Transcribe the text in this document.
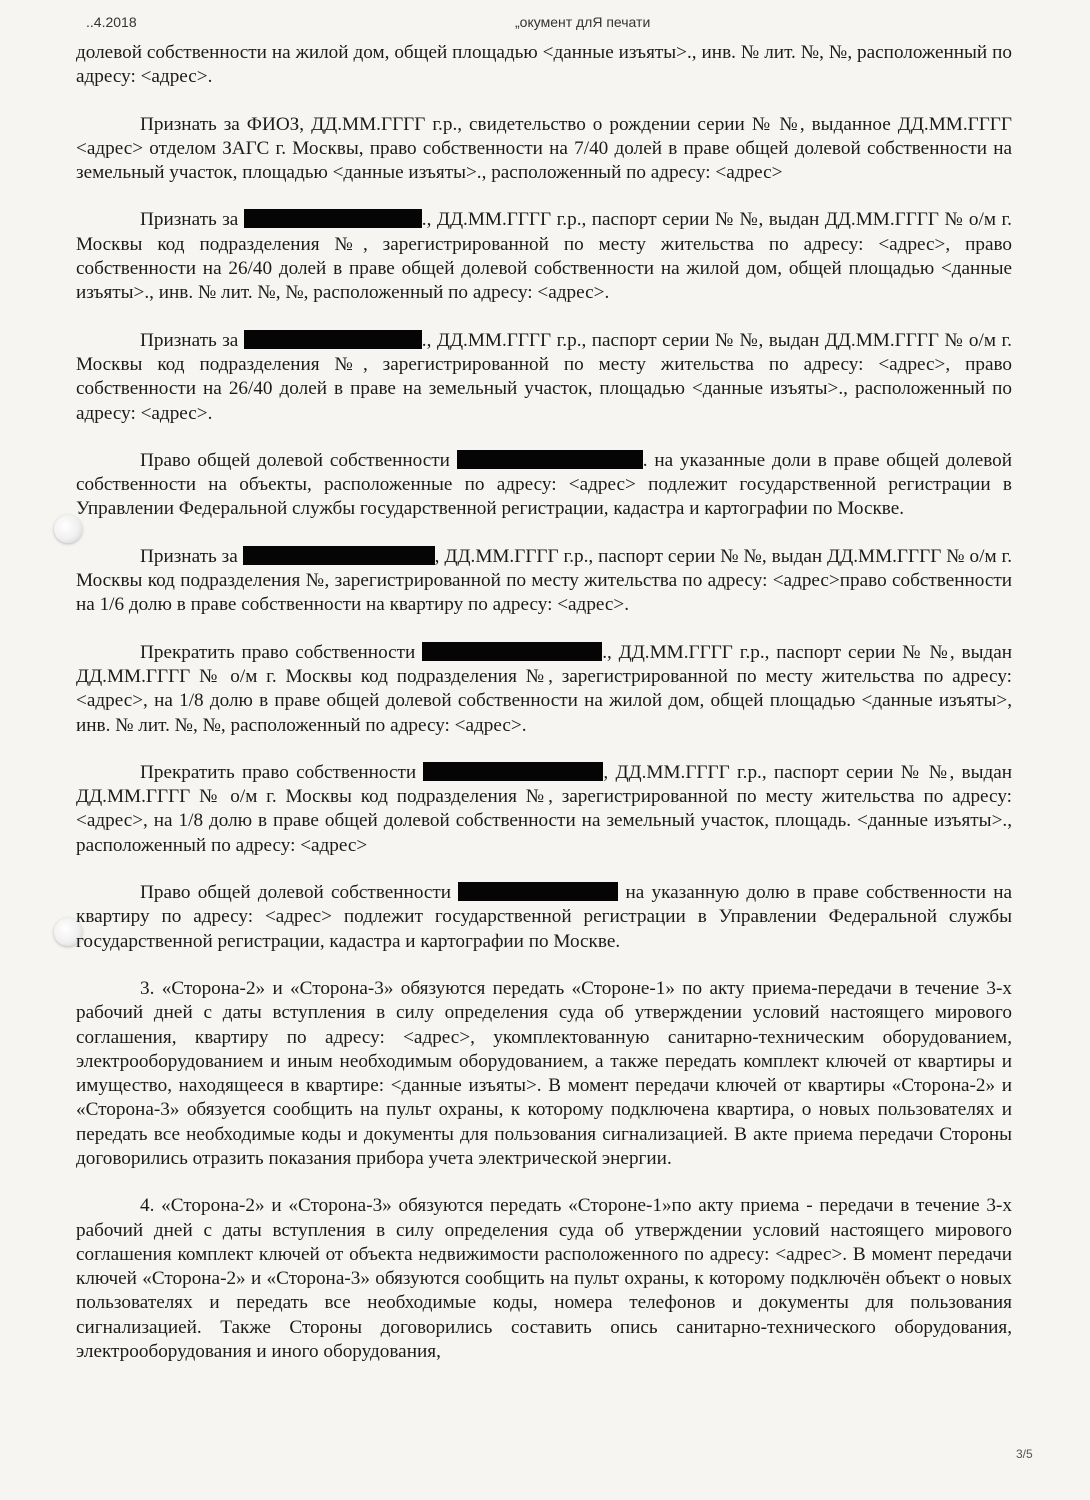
..4.2018	„окумент длЯ печати

долевой собственности на жилой дом, общей площадью <данные изъяты>., инв. № лит. №, №, расположенный по адресу: <адрес>.

Признать за ФИОЗ, ДД.ММ.ГГГГ г.р., свидетельство о рождении серии № №, выданное ДД.ММ.ГГГГ <адрес> отделом ЗАГС г. Москвы, право собственности на 7/40 долей в праве общей долевой собственности на земельный участок, площадью <данные изъяты>., расположенный по адресу: <адрес>

Признать за	., ДД.ММ.ГГГГ г.р., паспорт серии № №, выдан ДД.ММ.ГГГГ № о/м г. Москвы код подразделения №, зарегистрированной по месту жительства по адресу: <адрес>, право собственности на 26/40 долей в праве общей долевой собственности на жилой дом, общей площадью <данные изъяты>., инв. № лит. №, №, расположенный по адресу: <адрес>.

Признать за	., ДД.ММ.ГГГГ г.р., паспорт серии № №, выдан ДД.ММ.ГГГГ № о/м г. Москвы код подразделения №, зарегистрированной по месту жительства по адресу: <адрес>, право собственности на 26/40 долей в праве на земельный участок, площадью <данные изъяты>., расположенный по адресу: <адрес>.

Право общей долевой собственности	. на указанные доли в праве общей долевой собственности на объекты, расположенные по адресу: <адрес> подлежит государственной регистрации в Управлении Федеральной службы государственной регистрации, кадастра и картографии по Москве.

Признать за	, ДД.ММ.ГГГГ г.р., паспорт серии № №, выдан ДД.ММ.ГГГГ № о/м г. Москвы код подразделения №, зарегистрированной по месту жительства по адресу: <адрес>право собственности на 1/6 долю в праве собственности на квартиру по адресу: <адрес>.

Прекратить право собственности	., ДД.ММ.ГГГГ г.р., паспорт серии № №, выдан ДД.ММ.ГГГГ № о/м г. Москвы код подразделения №, зарегистрированной по месту жительства по адресу: <адрес>, на 1/8 долю в праве общей долевой собственности на жилой дом, общей площадью <данные изъяты>, инв. № лит. №, №, расположенный по адресу: <адрес>.

Прекратить право собственности	, ДД.ММ.ГГГГ г.р., паспорт серии № №, выдан ДД.ММ.ГГГГ № о/м г. Москвы код подразделения №, зарегистрированной по месту жительства по адресу: <адрес>, на 1/8 долю в праве общей долевой собственности на земельный участок, площадь. <данные изъяты>., расположенный по адресу: <адрес>

Право общей долевой собственности	на указанную долю в праве собственности на квартиру по адресу: <адрес> подлежит государственной регистрации в Управлении Федеральной службы государственной регистрации, кадастра и картографии по Москве.

3. «Сторона-2» и «Сторона-3» обязуются передать «Стороне-1» по акту приема-передачи в течение 3-х рабочий дней с даты вступления в силу определения суда об утверждении условий настоящего мирового соглашения, квартиру по адресу: <адрес>, укомплектованную санитарно-техническим оборудованием, электрооборудованием и иным необходимым оборудованием, а также передать комплект ключей от квартиры и имущество, находящееся в квартире: <данные изъяты>. В момент передачи ключей от квартиры «Сторона-2» и «Сторона-3» обязуется сообщить на пульт охраны, к которому подключена квартира, о новых пользователях и передать все необходимые коды и документы для пользования сигнализацией. В акте приема передачи Стороны договорились отразить показания прибора учета электрической энергии.

4. «Сторона-2» и «Сторона-3» обязуются передать «Стороне-1»по акту приема - передачи в течение 3-х рабочий дней с даты вступления в силу определения суда об утверждении условий настоящего мирового соглашения комплект ключей от объекта недвижимости расположенного по адресу: <адрес>. В момент передачи ключей «Сторона-2» и «Сторона-3» обязуются сообщить на пульт охраны, к которому подключён объект о новых пользователях и передать все необходимые коды, номера телефонов и документы для пользования сигнализацией. Также Стороны договорились составить опись санитарно-технического оборудования, электрооборудования и иного оборудования,

3/5
